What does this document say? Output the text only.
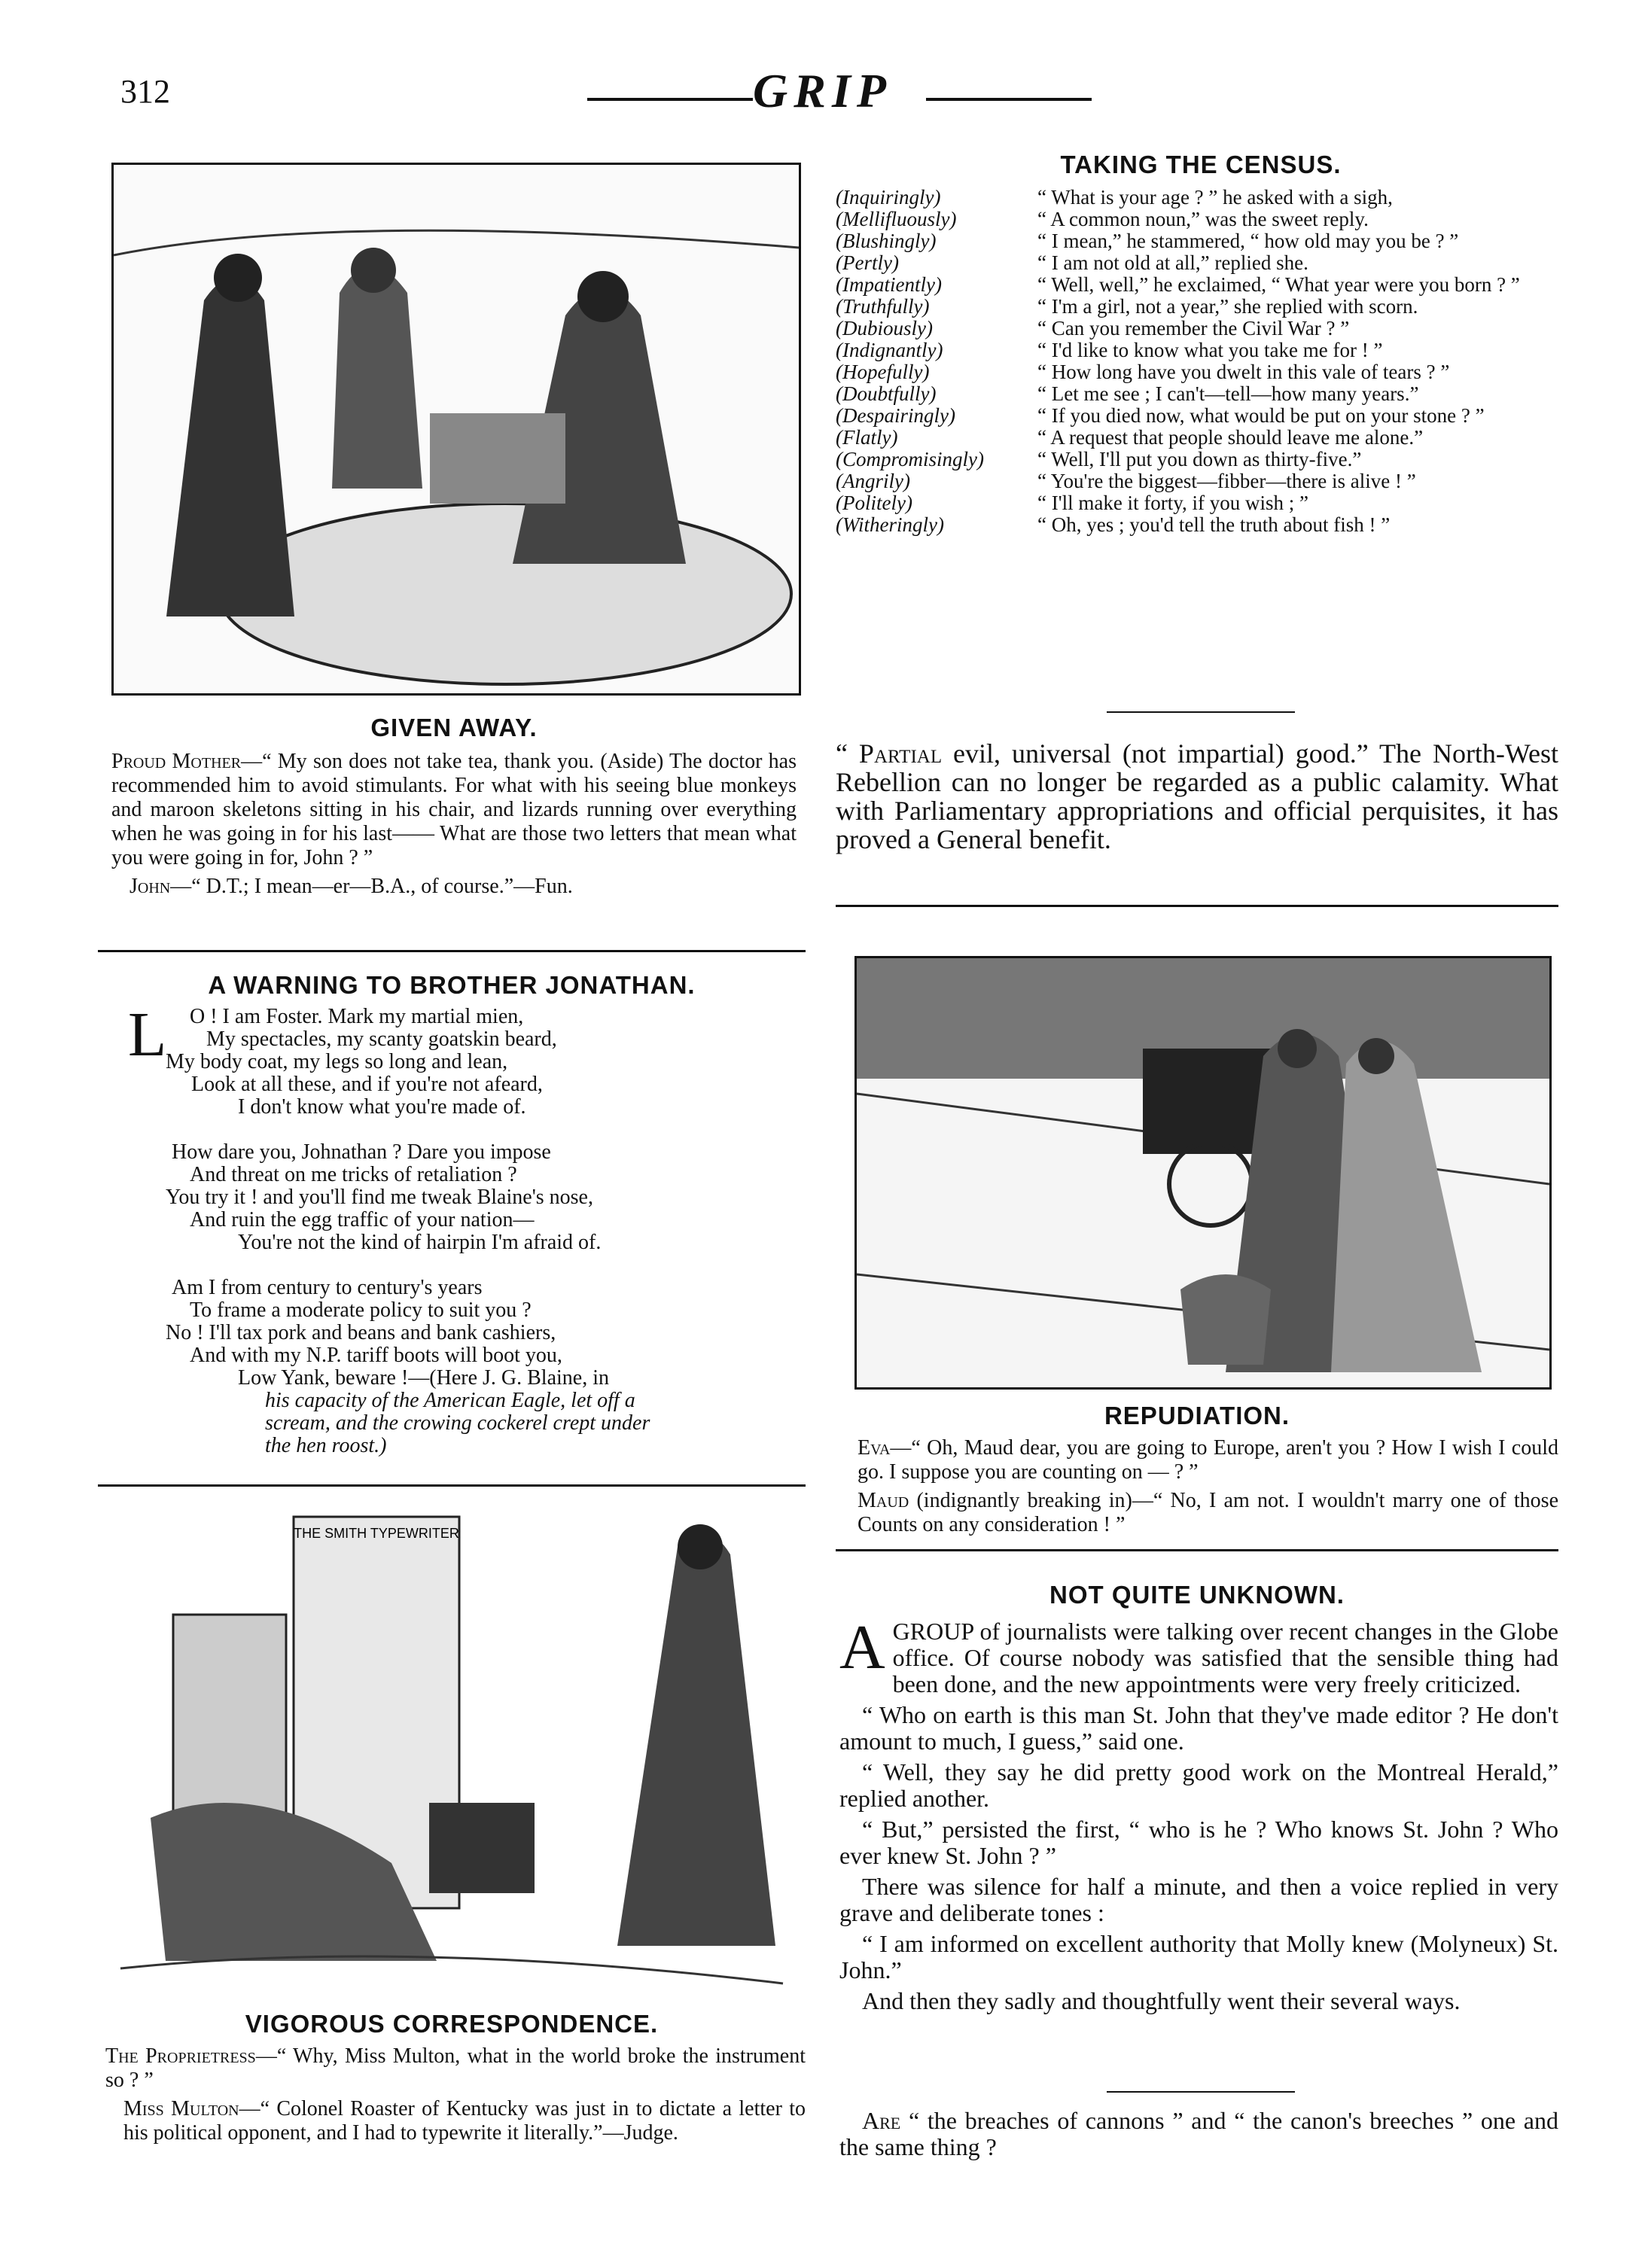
312	GRIP
GIVEN AWAY.

Proud Mother—“ My son does not take tea, thank you. (Aside) The doctor has recommended him to avoid stimulants. For what with his seeing blue monkeys and maroon skeletons sitting in his chair, and lizards running over everything when he was going in for his last—— What are those two letters that mean what you were going in for, John ? ”

John—“ D.T.; I mean—er—B.A., of course.”—Fun.

A WARNING TO BROTHER JONATHAN.
L	O ! I am Foster. Mark my martial mien,
My spectacles, my scanty goatskin beard,
My body coat, my legs so long and lean,
Look at all these, and if you're not afeard,
I don't know what you're made of.
How dare you, Johnathan ? Dare you impose
And threat on me tricks of retaliation ?
You try it ! and you'll find me tweak Blaine's nose,
And ruin the egg traffic of your nation—
You're not the kind of hairpin I'm afraid of.
Am I from century to century's years
To frame a moderate policy to suit you ?
No ! I'll tax pork and beans and bank cashiers,
And with my N.P. tariff boots will boot you,
Low Yank, beware !—(Here J. G. Blaine, in
his capacity of the American Eagle, let off a
scream, and the crowing cockerel crept under
the hen roost.)
THE SMITH TYPEWRITER
VIGOROUS CORRESPONDENCE.

The Proprietress—“ Why, Miss Multon, what in the world broke the instrument so ? ”

Miss Multon—“ Colonel Roaster of Kentucky was just in to dictate a letter to his political opponent, and I had to typewrite it literally.”—Judge.

TAKING THE CENSUS.
(Inquiringly)	“ What is your age ? ” he asked with a sigh,
(Mellifluously)	“ A common noun,” was the sweet reply.
(Blushingly)	“ I mean,” he stammered, “ how old may you be ? ”
(Pertly)	“ I am not old at all,” replied she.
(Impatiently)	“ Well, well,” he exclaimed, “ What year were you born ? ”
(Truthfully)	“ I'm a girl, not a year,” she replied with scorn.
(Dubiously)	“ Can you remember the Civil War ? ”
(Indignantly)	“ I'd like to know what you take me for ! ”
(Hopefully)	“ How long have you dwelt in this vale of tears ? ”
(Doubtfully)	“ Let me see ; I can't—tell—how many years.”
(Despairingly)	“ If you died now, what would be put on your stone ? ”
(Flatly)	“ A request that people should leave me alone.”
(Compromisingly)	“ Well, I'll put you down as thirty-five.”
(Angrily)	“ You're the biggest—fibber—there is alive ! ”
(Politely)	“ I'll make it forty, if you wish ; ”
(Witheringly)	“ Oh, yes ; you'd tell the truth about fish ! ”
“ Partial evil, universal (not impartial) good.” The North-West Rebellion can no longer be regarded as a public calamity. What with Parliamentary appropriations and official perquisites, it has proved a General benefit.
REPUDIATION.

Eva—“ Oh, Maud dear, you are going to Europe, aren't you ? How I wish I could go. I suppose you are counting on — ? ”

Maud (indignantly breaking in)—“ No, I am not. I wouldn't marry one of those Counts on any consideration ! ”

NOT QUITE UNKNOWN.

AGROUP of journalists were talking over recent changes in the Globe office. Of course nobody was satisfied that the sensible thing had been done, and the new appointments were very freely criticized.

“ Who on earth is this man St. John that they've made editor ? He don't amount to much, I guess,” said one.

“ Well, they say he did pretty good work on the Montreal Herald,” replied another.

“ But,” persisted the first, “ who is he ? Who knows St. John ? Who ever knew St. John ? ”

There was silence for half a minute, and then a voice replied in very grave and deliberate tones :

“ I am informed on excellent authority that Molly knew (Molyneux) St. John.”

And then they sadly and thoughtfully went their several ways.

Are “ the breaches of cannons ” and “ the canon's breeches ” one and the same thing ?
